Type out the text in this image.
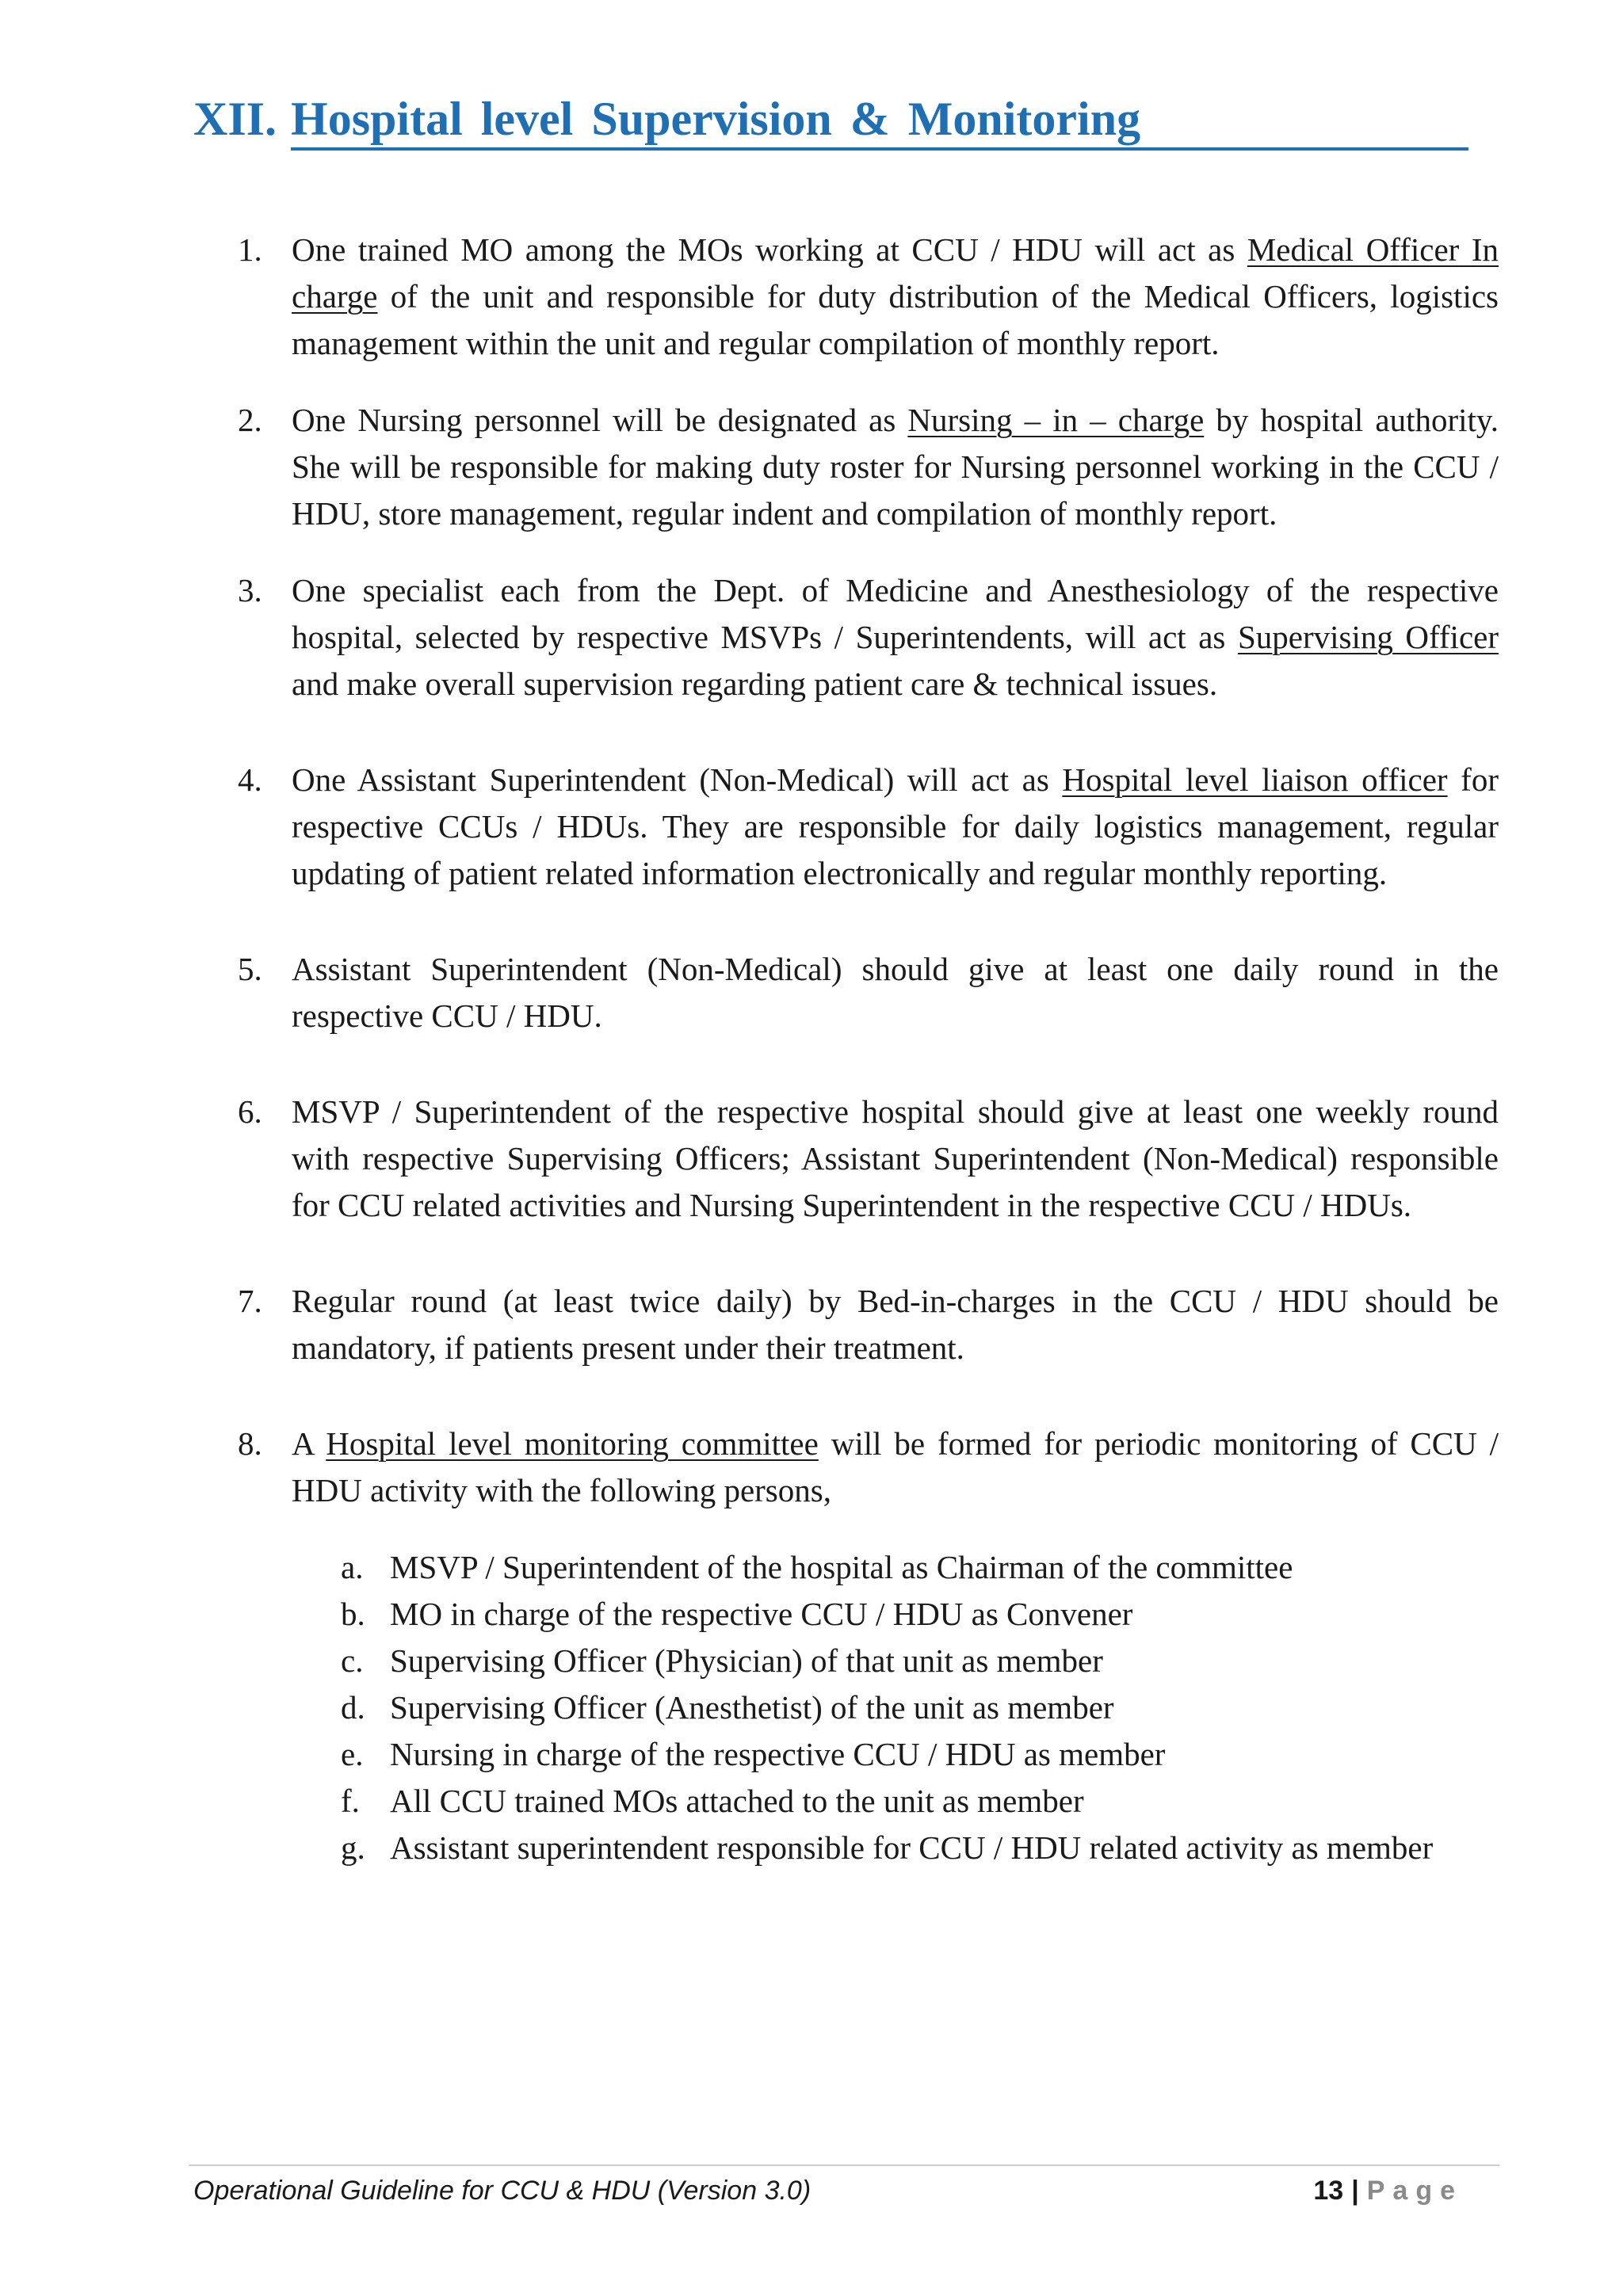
XII. Hospital level Supervision & Monitoring
1. One trained MO among the MOs working at CCU / HDU will act as Medical Officer In charge of the unit and responsible for duty distribution of the Medical Officers, logistics management within the unit and regular compilation of monthly report.
2. One Nursing personnel will be designated as Nursing – in – charge by hospital authority. She will be responsible for making duty roster for Nursing personnel working in the CCU / HDU, store management, regular indent and compilation of monthly report.
3. One specialist each from the Dept. of Medicine and Anesthesiology of the respective hospital, selected by respective MSVPs / Superintendents, will act as Supervising Officer and make overall supervision regarding patient care & technical issues.
4. One Assistant Superintendent (Non-Medical) will act as Hospital level liaison officer for respective CCUs / HDUs. They are responsible for daily logistics management, regular updating of patient related information electronically and regular monthly reporting.
5. Assistant Superintendent (Non-Medical) should give at least one daily round in the respective CCU / HDU.
6. MSVP / Superintendent of the respective hospital should give at least one weekly round with respective Supervising Officers; Assistant Superintendent (Non-Medical) responsible for CCU related activities and Nursing Superintendent in the respective CCU / HDUs.
7. Regular round (at least twice daily) by Bed-in-charges in the CCU / HDU should be mandatory, if patients present under their treatment.
8. A Hospital level monitoring committee will be formed for periodic monitoring of CCU / HDU activity with the following persons,
a. MSVP / Superintendent of the hospital as Chairman of the committee
b. MO in charge of the respective CCU / HDU as Convener
c. Supervising Officer (Physician) of that unit as member
d. Supervising Officer (Anesthetist) of the unit as member
e. Nursing in charge of the respective CCU / HDU as member
f. All CCU trained MOs attached to the unit as member
g. Assistant superintendent responsible for CCU / HDU related activity as member
Operational Guideline for CCU & HDU (Version 3.0)	13 | Page
